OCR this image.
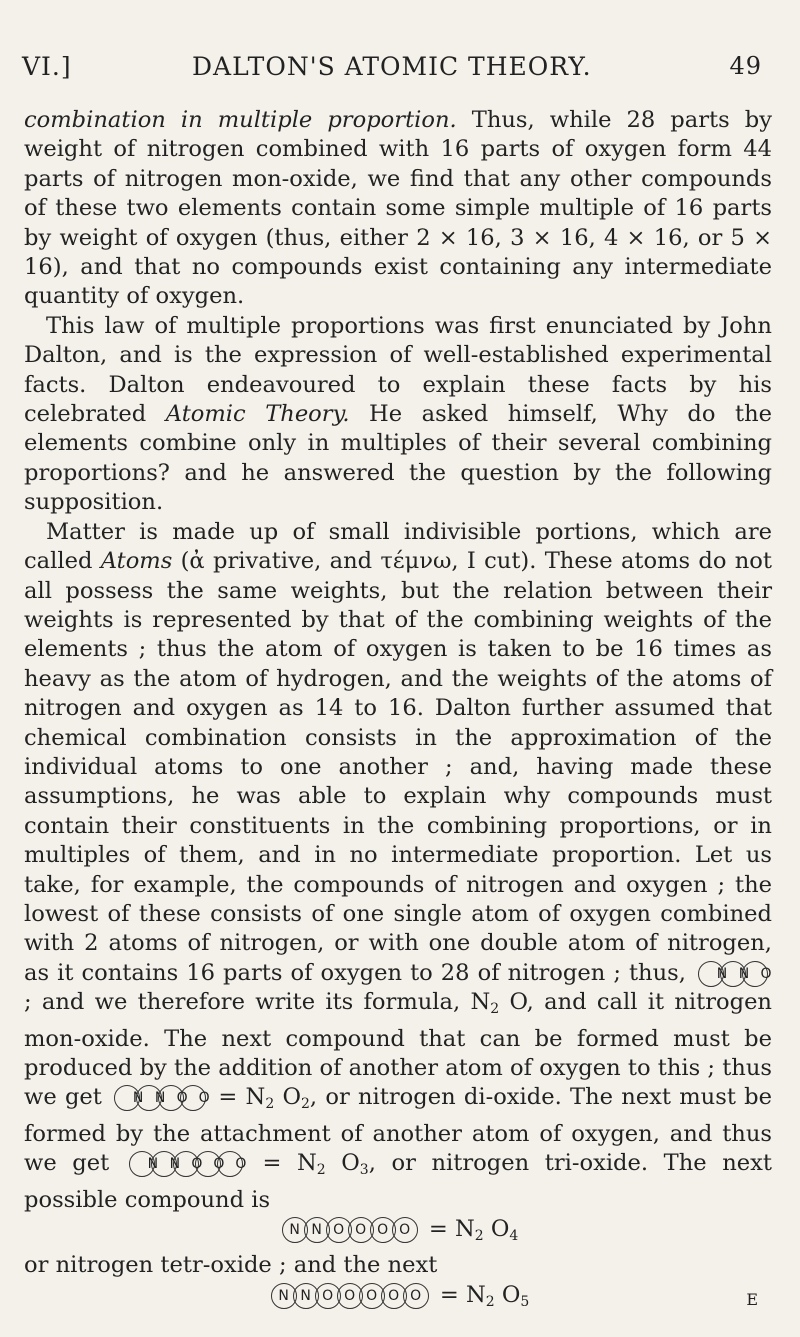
VI.]	DALTON'S ATOMIC THEORY.	49

combination in multiple proportion. Thus, while 28 parts by weight of nitrogen combined with 16 parts of oxygen form 44 parts of nitrogen mon-oxide, we find that any other compounds of these two elements contain some simple multiple of 16 parts by weight of oxygen (thus, either 2 × 16, 3 × 16, 4 × 16, or 5 × 16), and that no compounds exist containing any intermediate quantity of oxygen.

This law of multiple proportions was first enunciated by John Dalton, and is the expression of well-established experimental facts. Dalton endeavoured to explain these facts by his celebrated Atomic Theory. He asked himself, Why do the elements combine only in multiples of their several combining proportions? and he answered the question by the following supposition.

Matter is made up of small indivisible portions, which are called Atoms (ἀ privative, and τέμνω, I cut). These atoms do not all possess the same weights, but the relation between their weights is represented by that of the combining weights of the elements ; thus the atom of oxygen is taken to be 16 times as heavy as the atom of hydrogen, and the weights of the atoms of nitrogen and oxygen as 14 to 16. Dalton further assumed that chemical combination consists in the approximation of the individual atoms to one another ; and, having made these assumptions, he was able to explain why compounds must contain their constituents in the combining proportions, or in multiples of them, and in no intermediate proportion. Let us take, for example, the compounds of nitrogen and oxygen ; the lowest of these consists of one single atom of oxygen combined with 2 atoms of nitrogen, or with one double atom of nitrogen, as it contains 16 parts of oxygen to 28 of nitrogen ; thus,	N N O
; and we therefore write its formula, $N_2$ O, and call it nitrogen mon-oxide. The next compound that can be formed must be produced by the addition of another atom of oxygen to this ; thus we get	N N O $O = N_2$ $O_2$, or nitrogen di-oxide. The next must be formed by the attachment of another atom of oxygen, and thus we get	N N O O $O = N_2$ $O_3$, or nitrogen tri-oxide. The next possible compound is

N N O O O $O = N_2$ $O_4$

or nitrogen tetr-oxide ; and the next

N N O O O O $O = N_2$ $O_5$	E
